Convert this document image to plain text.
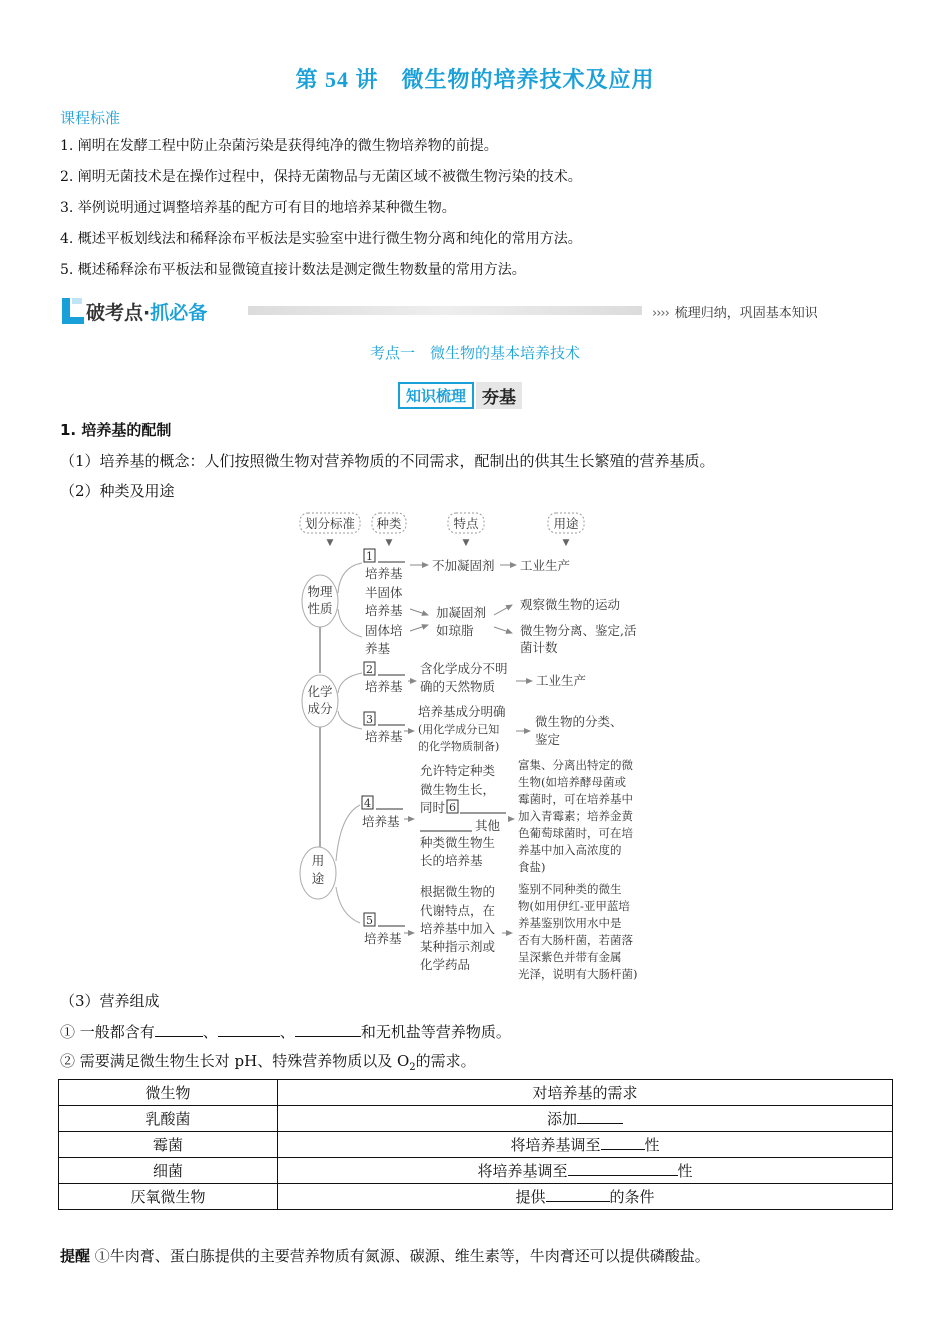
第 54 讲　微生物的培养技术及应用
课程标准
1. 阐明在发酵工程中防止杂菌污染是获得纯净的微生物培养物的前提。
2. 阐明无菌技术是在操作过程中，保持无菌物品与无菌区域不被微生物污染的技术。
3. 举例说明通过调整培养基的配方可有目的地培养某种微生物。
4. 概述平板划线法和稀释涂布平板法是实验室中进行微生物分离和纯化的常用方法。
5. 概述稀释涂布平板法和显微镜直接计数法是测定微生物数量的常用方法。
破考点· 抓必备	›››› 梳理归纳，巩固基本知识
考点一　微生物的基本培养技术
知识梳理 夯基
1. 培养基的配制
（1）培养基的概念：人们按照微生物对营养物质的不同需求，配制出的供其生长繁殖的营养基质。
（2）种类及用途
划分标准 种类	特点	用途
▼	▼	▼	▼
物理
性质
化学
成分
用
途
1
培养基
半固体
培养基
固体培
养基
不加凝固剂 工业生产
加凝固剂
如琼脂
观察微生物的运动
微生物分离、鉴定,活
菌计数
2
培养基
含化学成分不明
确的天然物质	工业生产
3
培养基
培养基成分明确
(用化学成分已知
的化学物质制备)
微生物的分类、
鉴定
4
培养基
允许特定种类
微生物生长，
同时 6
其他
种类微生物生
长的培养基
富集、分离出特定的微
生物(如培养酵母菌或
霉菌时，可在培养基中
加入青霉素；培养金黄
色葡萄球菌时，可在培
养基中加入高浓度的
食盐)
5
培养基
根据微生物的
代谢特点，在
培养基中加入
某种指示剂或
化学药品
鉴别不同种类的微生
物(如用伊红-亚甲蓝培
养基鉴别饮用水中是
否有大肠杆菌，若菌落
呈深紫色并带有金属
光泽，说明有大肠杆菌)
（3）营养组成
① 一般都含有	、	、	和无机盐等营养物质。
② 需要满足微生物生长对 pH、特殊营养物质以及 $O_2$的需求。
微生物	对培养基的需求
乳酸菌	添加
霉菌	将培养基调至 性
细菌	将培养基调至 性
厌氧微生物	提供 的条件
提醒 ①牛肉膏、蛋白胨提供的主要营养物质有氮源、碳源、维生素等，牛肉膏还可以提供磷酸盐。
